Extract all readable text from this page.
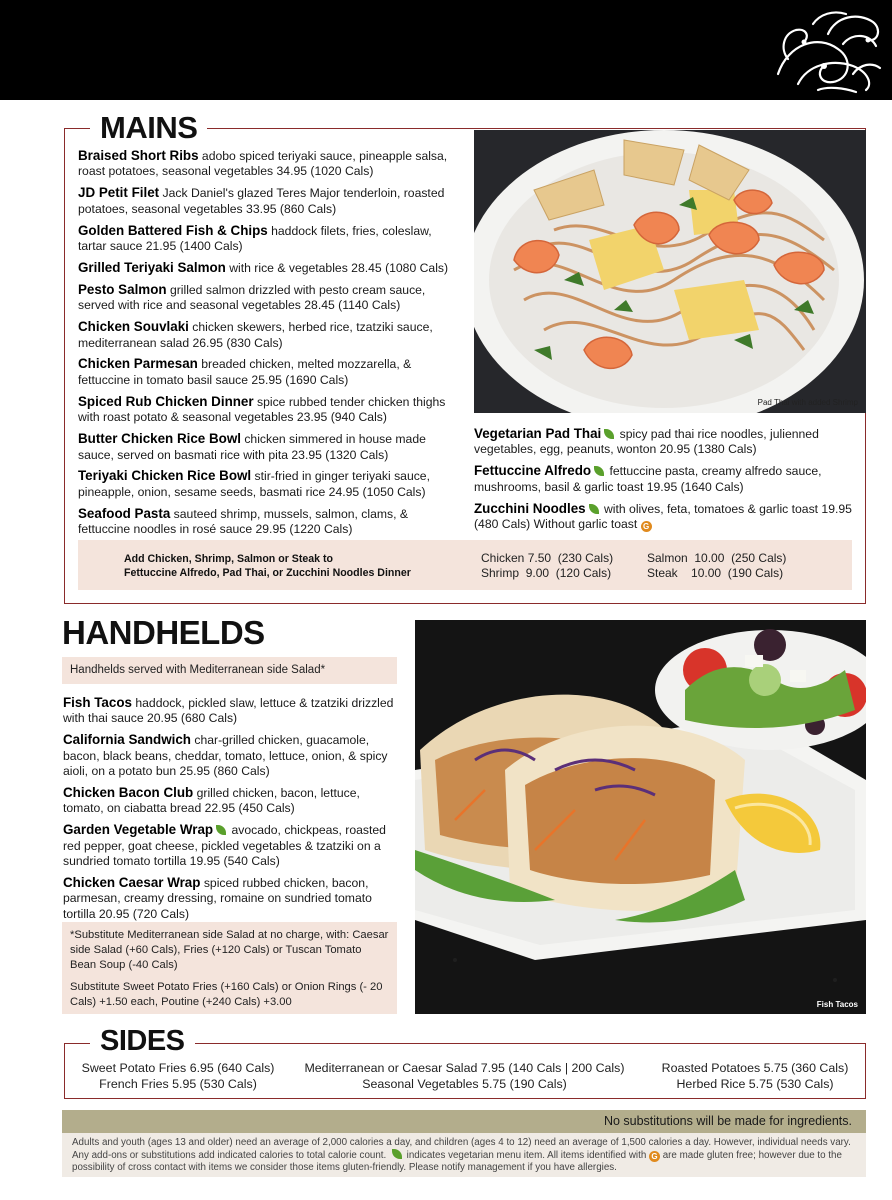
MAINS
Braised Short Ribs adobo spiced teriyaki sauce, pineapple salsa, roast potatoes, seasonal vegetables 34.95 (1020 Cals)
JD Petit Filet Jack Daniel's glazed Teres Major tenderloin, roasted potatoes, seasonal vegetables 33.95 (860 Cals)
Golden Battered Fish & Chips haddock filets, fries, coleslaw, tartar sauce 21.95 (1400 Cals)
Grilled Teriyaki Salmon with rice & vegetables 28.45 (1080 Cals)
Pesto Salmon grilled salmon drizzled with pesto cream sauce, served with rice and seasonal vegetables 28.45 (1140 Cals)
Chicken Souvlaki chicken skewers, herbed rice, tzatziki sauce, mediterranean salad 26.95 (830 Cals)
Chicken Parmesan breaded chicken, melted mozzarella, & fettuccine in tomato basil sauce 25.95 (1690 Cals)
Spiced Rub Chicken Dinner spice rubbed tender chicken thighs with roast potato & seasonal vegetables 23.95 (940 Cals)
Butter Chicken Rice Bowl chicken simmered in house made sauce, served on basmati rice with pita 23.95 (1320 Cals)
Teriyaki Chicken Rice Bowl stir-fried in ginger teriyaki sauce, pineapple, onion, sesame seeds, basmati rice 24.95 (1050 Cals)
Seafood Pasta sauteed shrimp, mussels, salmon, clams, & fettuccine noodles in rosé sauce 29.95 (1220 Cals)
Pad Thai with added Shrimp
Vegetarian Pad Thai spicy pad thai rice noodles, julienned vegetables, egg, peanuts, wonton 20.95 (1380 Cals)
Fettuccine Alfredo fettuccine pasta, creamy alfredo sauce, mushrooms, basil & garlic toast 19.95 (1640 Cals)
Zucchini Noodles with olives, feta, tomatoes & garlic toast 19.95 (480 Cals) Without garlic toast G
Add Chicken, Shrimp, Salmon or Steak to
Fettuccine Alfredo, Pad Thai, or Zucchini Noodles Dinner
Chicken 7.50 (230 Cals)	Salmon 10.00 (250 Cals)
Shrimp 9.00 (120 Cals)	Steak 10.00 (190 Cals)
HANDHELDS
Handhelds served with Mediterranean side Salad*
Fish Tacos haddock, pickled slaw, lettuce & tzatziki drizzled with thai sauce 20.95 (680 Cals)
California Sandwich char-grilled chicken, guacamole, bacon, black beans, cheddar, tomato, lettuce, onion, & spicy aioli, on a potato bun 25.95 (860 Cals)
Chicken Bacon Club grilled chicken, bacon, lettuce, tomato, on ciabatta bread 22.95 (450 Cals)
Garden Vegetable Wrap avocado, chickpeas, roasted red pepper, goat cheese, pickled vegetables & tzatziki on a sundried tomato tortilla 19.95 (540 Cals)
Chicken Caesar Wrap spiced rubbed chicken, bacon, parmesan, creamy dressing, romaine on sundried tomato tortilla 20.95 (720 Cals)

*Substitute Mediterranean side Salad at no charge, with: Caesar side Salad (+60 Cals), Fries (+120 Cals) or Tuscan Tomato Bean Soup (-40 Cals)

Substitute Sweet Potato Fries (+160 Cals) or Onion Rings (- 20 Cals) +1.50 each, Poutine (+240 Cals) +3.00	Fish Tacos
SIDES
Sweet Potato Fries 6.95 (640 Cals)
French Fries 5.95 (530 Cals)
Mediterranean or Caesar Salad 7.95 (140 Cals | 200 Cals)
Seasonal Vegetables 5.75 (190 Cals)
Roasted Potatoes 5.75 (360 Cals)
Herbed Rice 5.75 (530 Cals)
No substitutions will be made for ingredients.
Adults and youth (ages 13 and older) need an average of 2,000 calories a day, and children (ages 4 to 12) need an average of 1,500 calories a day. However, individual needs vary. Any add-ons or substitutions add indicated calories to total calorie count.  indicates vegetarian menu item. All items identified with G are made gluten free; however due to the possibility of cross contact with items we consider those items gluten-friendly. Please notify management if you have allergies.
